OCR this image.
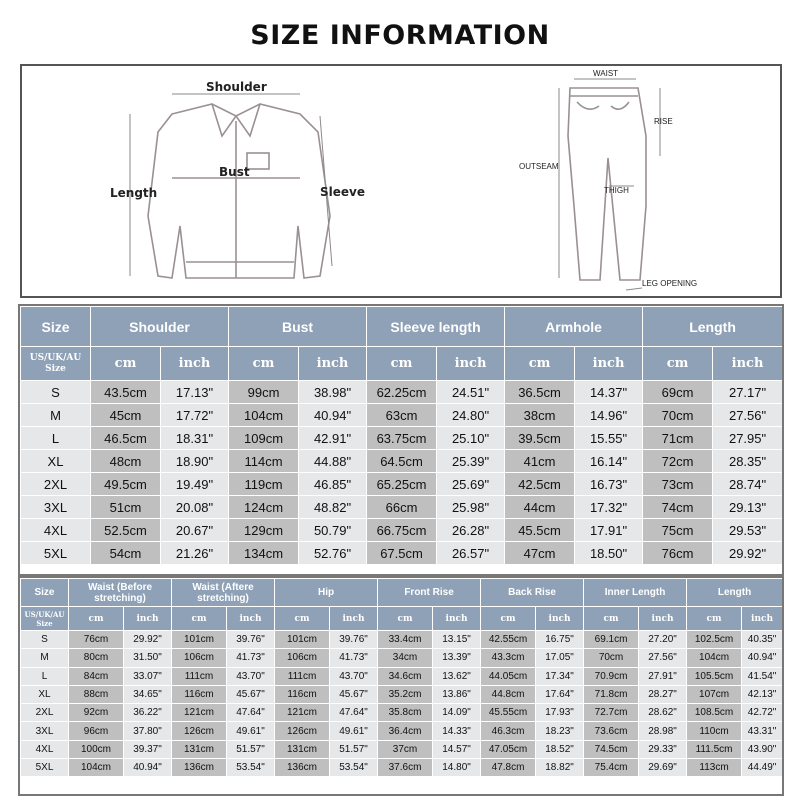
SIZE INFORMATION
Shoulder
Bust
Length	Sleeve
WAIST
RISE
OUTSEAM
THIGH
LEG OPENING
Size	Shoulder		Bust		Sleeve length		Armhole		Length	
US/UK/AU Size	cm	inch	cm	inch	cm	inch	cm	inch	cm	inch
S	43.5cm	17.13"	99cm	38.98"	62.25cm	24.51"	36.5cm	14.37"	69cm	27.17"
M	45cm	17.72"	104cm	40.94"	63cm	24.80"	38cm	14.96"	70cm	27.56"
L	46.5cm	18.31"	109cm	42.91"	63.75cm	25.10"	39.5cm	15.55"	71cm	27.95"
XL	48cm	18.90"	114cm	44.88"	64.5cm	25.39"	41cm	16.14"	72cm	28.35"
2XL	49.5cm	19.49"	119cm	46.85"	65.25cm	25.69"	42.5cm	16.73"	73cm	28.74"
3XL	51cm	20.08"	124cm	48.82"	66cm	25.98"	44cm	17.32"	74cm	29.13"
4XL	52.5cm	20.67"	129cm	50.79"	66.75cm	26.28"	45.5cm	17.91"	75cm	29.53"
5XL	54cm	21.26"	134cm	52.76"	67.5cm	26.57"	47cm	18.50"	76cm	29.92"
Size	Waist (Before stretching)		Waist (Aftere stretching)		Hip		Front Rise		Back Rise		Inner Length		Length	
US/UK/AU Size	cm	inch	cm	inch	cm	inch	cm	inch	cm	inch	cm	inch	cm	inch
S	76cm	29.92"	101cm	39.76"	101cm	39.76"	33.4cm	13.15"	42.55cm	16.75"	69.1cm	27.20"	102.5cm	40.35"
M	80cm	31.50"	106cm	41.73"	106cm	41.73"	34cm	13.39"	43.3cm	17.05"	70cm	27.56"	104cm	40.94"
L	84cm	33.07"	111cm	43.70"	111cm	43.70"	34.6cm	13.62"	44.05cm	17.34"	70.9cm	27.91"	105.5cm	41.54"
XL	88cm	34.65"	116cm	45.67"	116cm	45.67"	35.2cm	13.86"	44.8cm	17.64"	71.8cm	28.27"	107cm	42.13"
2XL	92cm	36.22"	121cm	47.64"	121cm	47.64"	35.8cm	14.09"	45.55cm	17.93"	72.7cm	28.62"	108.5cm	42.72"
3XL	96cm	37.80"	126cm	49.61"	126cm	49.61"	36.4cm	14.33"	46.3cm	18.23"	73.6cm	28.98"	110cm	43.31"
4XL	100cm	39.37"	131cm	51.57"	131cm	51.57"	37cm	14.57"	47.05cm	18.52"	74.5cm	29.33"	111.5cm	43.90"
5XL	104cm	40.94"	136cm	53.54"	136cm	53.54"	37.6cm	14.80"	47.8cm	18.82"	75.4cm	29.69"	113cm	44.49"
